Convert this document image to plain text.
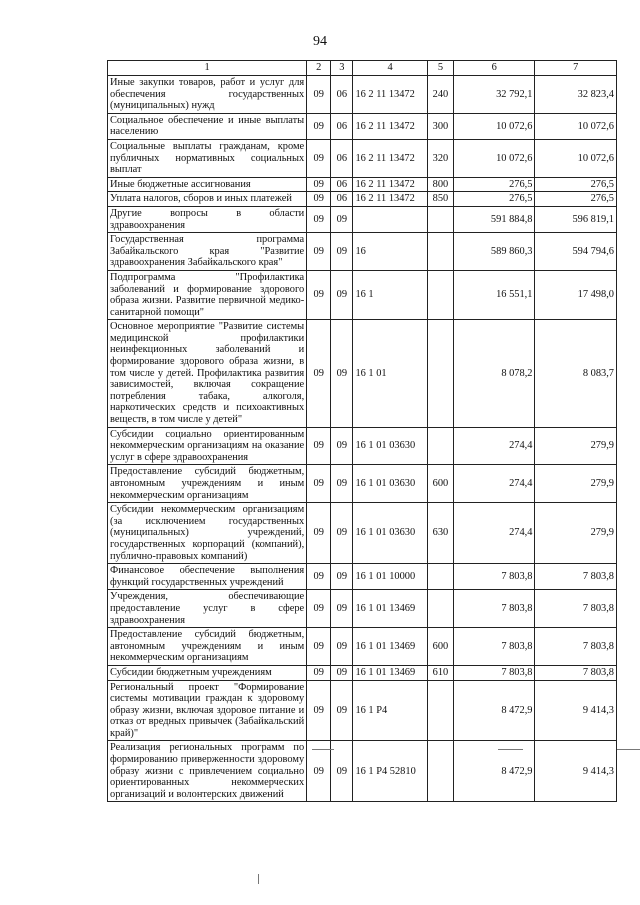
94
1	2	3	4	5	6	7
Иные закупки товаров, работ и услуг для обеспечения государственных (муниципальных) нужд	09	06	16 2 11 13472	240	32 792,1	32 823,4
Социальное обеспечение и иные выплаты населению	09	06	16 2 11 13472	300	10 072,6	10 072,6
Социальные выплаты гражданам, кроме публичных нормативных социальных выплат	09	06	16 2 11 13472	320	10 072,6	10 072,6
Иные бюджетные ассигнования	09	06	16 2 11 13472	800	276,5	276,5
Уплата налогов, сборов и иных платежей	09	06	16 2 11 13472	850	276,5	276,5
Другие вопросы в области здравоохранения	09	09			591 884,8	596 819,1
Государственная программа Забайкальского края "Развитие здравоохранения Забайкальского края"	09	09	16		589 860,3	594 794,6
Подпрограмма "Профилактика заболеваний и формирование здорового образа жизни. Развитие первичной медико-санитарной помощи"	09	09	16 1		16 551,1	17 498,0
Основное мероприятие "Развитие системы медицинской профилактики неинфекционных заболеваний и формирование здорового образа жизни, в том числе у детей. Профилактика развития зависимостей, включая сокращение потребления табака, алкоголя, наркотических средств и психоактивных веществ, в том числе у детей"	09	09	16 1 01		8 078,2	8 083,7
Субсидии социально ориентированным некоммерческим организациям на оказание услуг в сфере здравоохранения	09	09	16 1 01 03630		274,4	279,9
Предоставление субсидий бюджетным, автономным учреждениям и иным некоммерческим организациям	09	09	16 1 01 03630	600	274,4	279,9
Субсидии некоммерческим организациям (за исключением государственных (муниципальных) учреждений, государственных корпораций (компаний), публично-правовых компаний)	09	09	16 1 01 03630	630	274,4	279,9
Финансовое обеспечение выполнения функций государственных учреждений	09	09	16 1 01 10000		7 803,8	7 803,8
Учреждения, обеспечивающие предоставление услуг в сфере здравоохранения	09	09	16 1 01 13469		7 803,8	7 803,8
Предоставление субсидий бюджетным, автономным учреждениям и иным некоммерческим организациям	09	09	16 1 01 13469	600	7 803,8	7 803,8
Субсидии бюджетным учреждениям	09	09	16 1 01 13469	610	7 803,8	7 803,8
Региональный проект "Формирование системы мотивации граждан к здоровому образу жизни, включая здоровое питание и отказ от вредных привычек (Забайкальский край)"	09	09	16 1 P4		8 472,9	9 414,3
Реализация региональных программ по формированию приверженности здоровому образу жизни с привлечением социально ориентированных некоммерческих организаций и волонтерских движений	09	09	16 1 P4 52810		8 472,9	9 414,3
